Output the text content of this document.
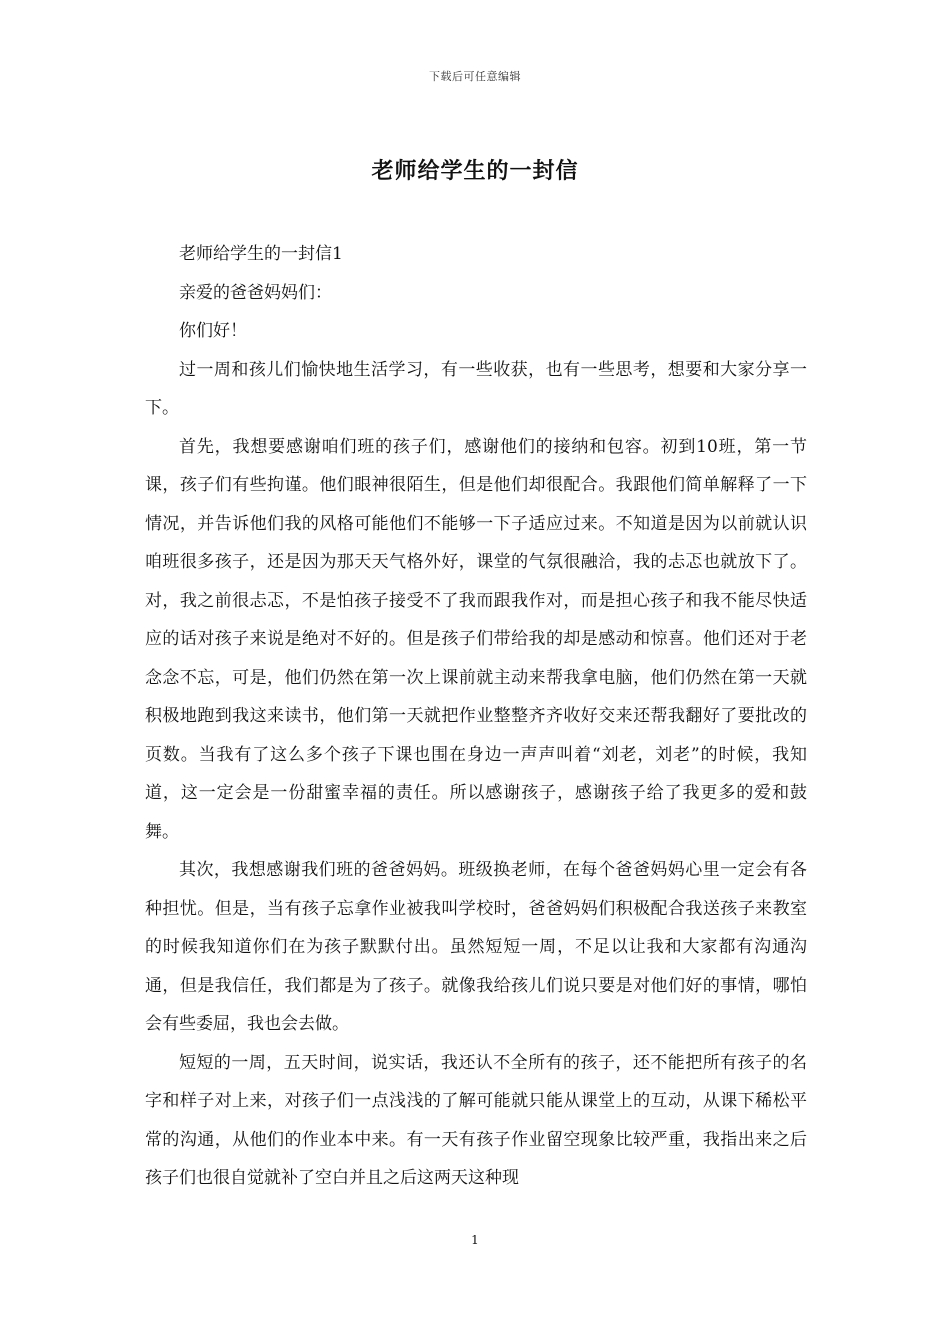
下载后可任意编辑
老师给学生的一封信

老师给学生的一封信1

亲爱的爸爸妈妈们：

你们好！

过一周和孩儿们愉快地生活学习，有一些收获，也有一些思考，想要和大家分享一下。

首先，我想要感谢咱们班的孩子们，感谢他们的接纳和包容。初到10班，第一节课，孩子们有些拘谨。他们眼神很陌生，但是他们却很配合。我跟他们简单解释了一下情况，并告诉他们我的风格可能他们不能够一下子适应过来。不知道是因为以前就认识咱班很多孩子，还是因为那天天气格外好，课堂的气氛很融洽，我的忐忑也就放下了。对，我之前很忐忑，不是怕孩子接受不了我而跟我作对，而是担心孩子和我不能尽快适应的话对孩子来说是绝对不好的。但是孩子们带给我的却是感动和惊喜。他们还对于老念念不忘，可是，他们仍然在第一次上课前就主动来帮我拿电脑，他们仍然在第一天就积极地跑到我这来读书，他们第一天就把作业整整齐齐收好交来还帮我翻好了要批改的页数。当我有了这么多个孩子下课也围在身边一声声叫着“刘老，刘老”的时候，我知道，这一定会是一份甜蜜幸福的责任。所以感谢孩子，感谢孩子给了我更多的爱和鼓舞。

其次，我想感谢我们班的爸爸妈妈。班级换老师，在每个爸爸妈妈心里一定会有各种担忧。但是，当有孩子忘拿作业被我叫学校时，爸爸妈妈们积极配合我送孩子来教室的时候我知道你们在为孩子默默付出。虽然短短一周，不足以让我和大家都有沟通沟通，但是我信任，我们都是为了孩子。就像我给孩儿们说只要是对他们好的事情，哪怕会有些委屈，我也会去做。

短短的一周，五天时间，说实话，我还认不全所有的孩子，还不能把所有孩子的名字和样子对上来，对孩子们一点浅浅的了解可能就只能从课堂上的互动，从课下稀松平常的沟通，从他们的作业本中来。有一天有孩子作业留空现象比较严重，我指出来之后孩子们也很自觉就补了空白并且之后这两天这种现

1
